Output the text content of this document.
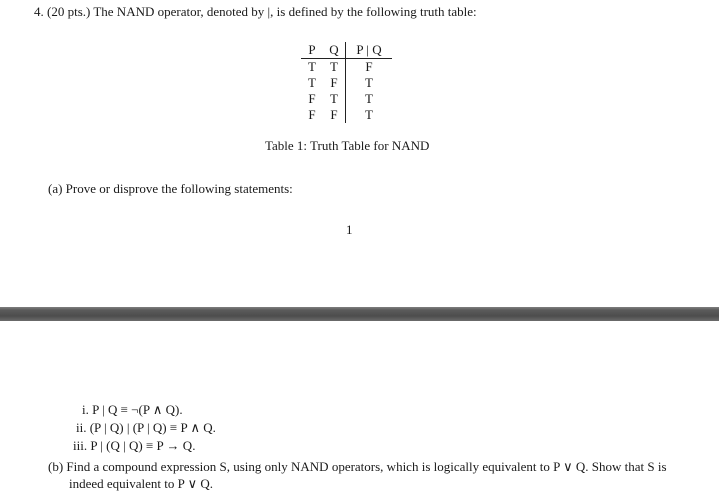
4. (20 pts.) The NAND operator, denoted by |, is defined by the following truth table:
P	Q	P | Q
T	T	F
T	F	T
F	T	T
F	F	T
Table 1: Truth Table for NAND
(a) Prove or disprove the following statements:
1
i. P | Q ≡ ¬(P ∧ Q).
ii. (P | Q) | (P | Q) ≡ P ∧ Q.
iii. P | (Q | Q) ≡ P → Q.
(b) Find a compound expression S, using only NAND operators, which is logically equivalent to P ∨ Q. Show that S is
indeed equivalent to P ∨ Q.
